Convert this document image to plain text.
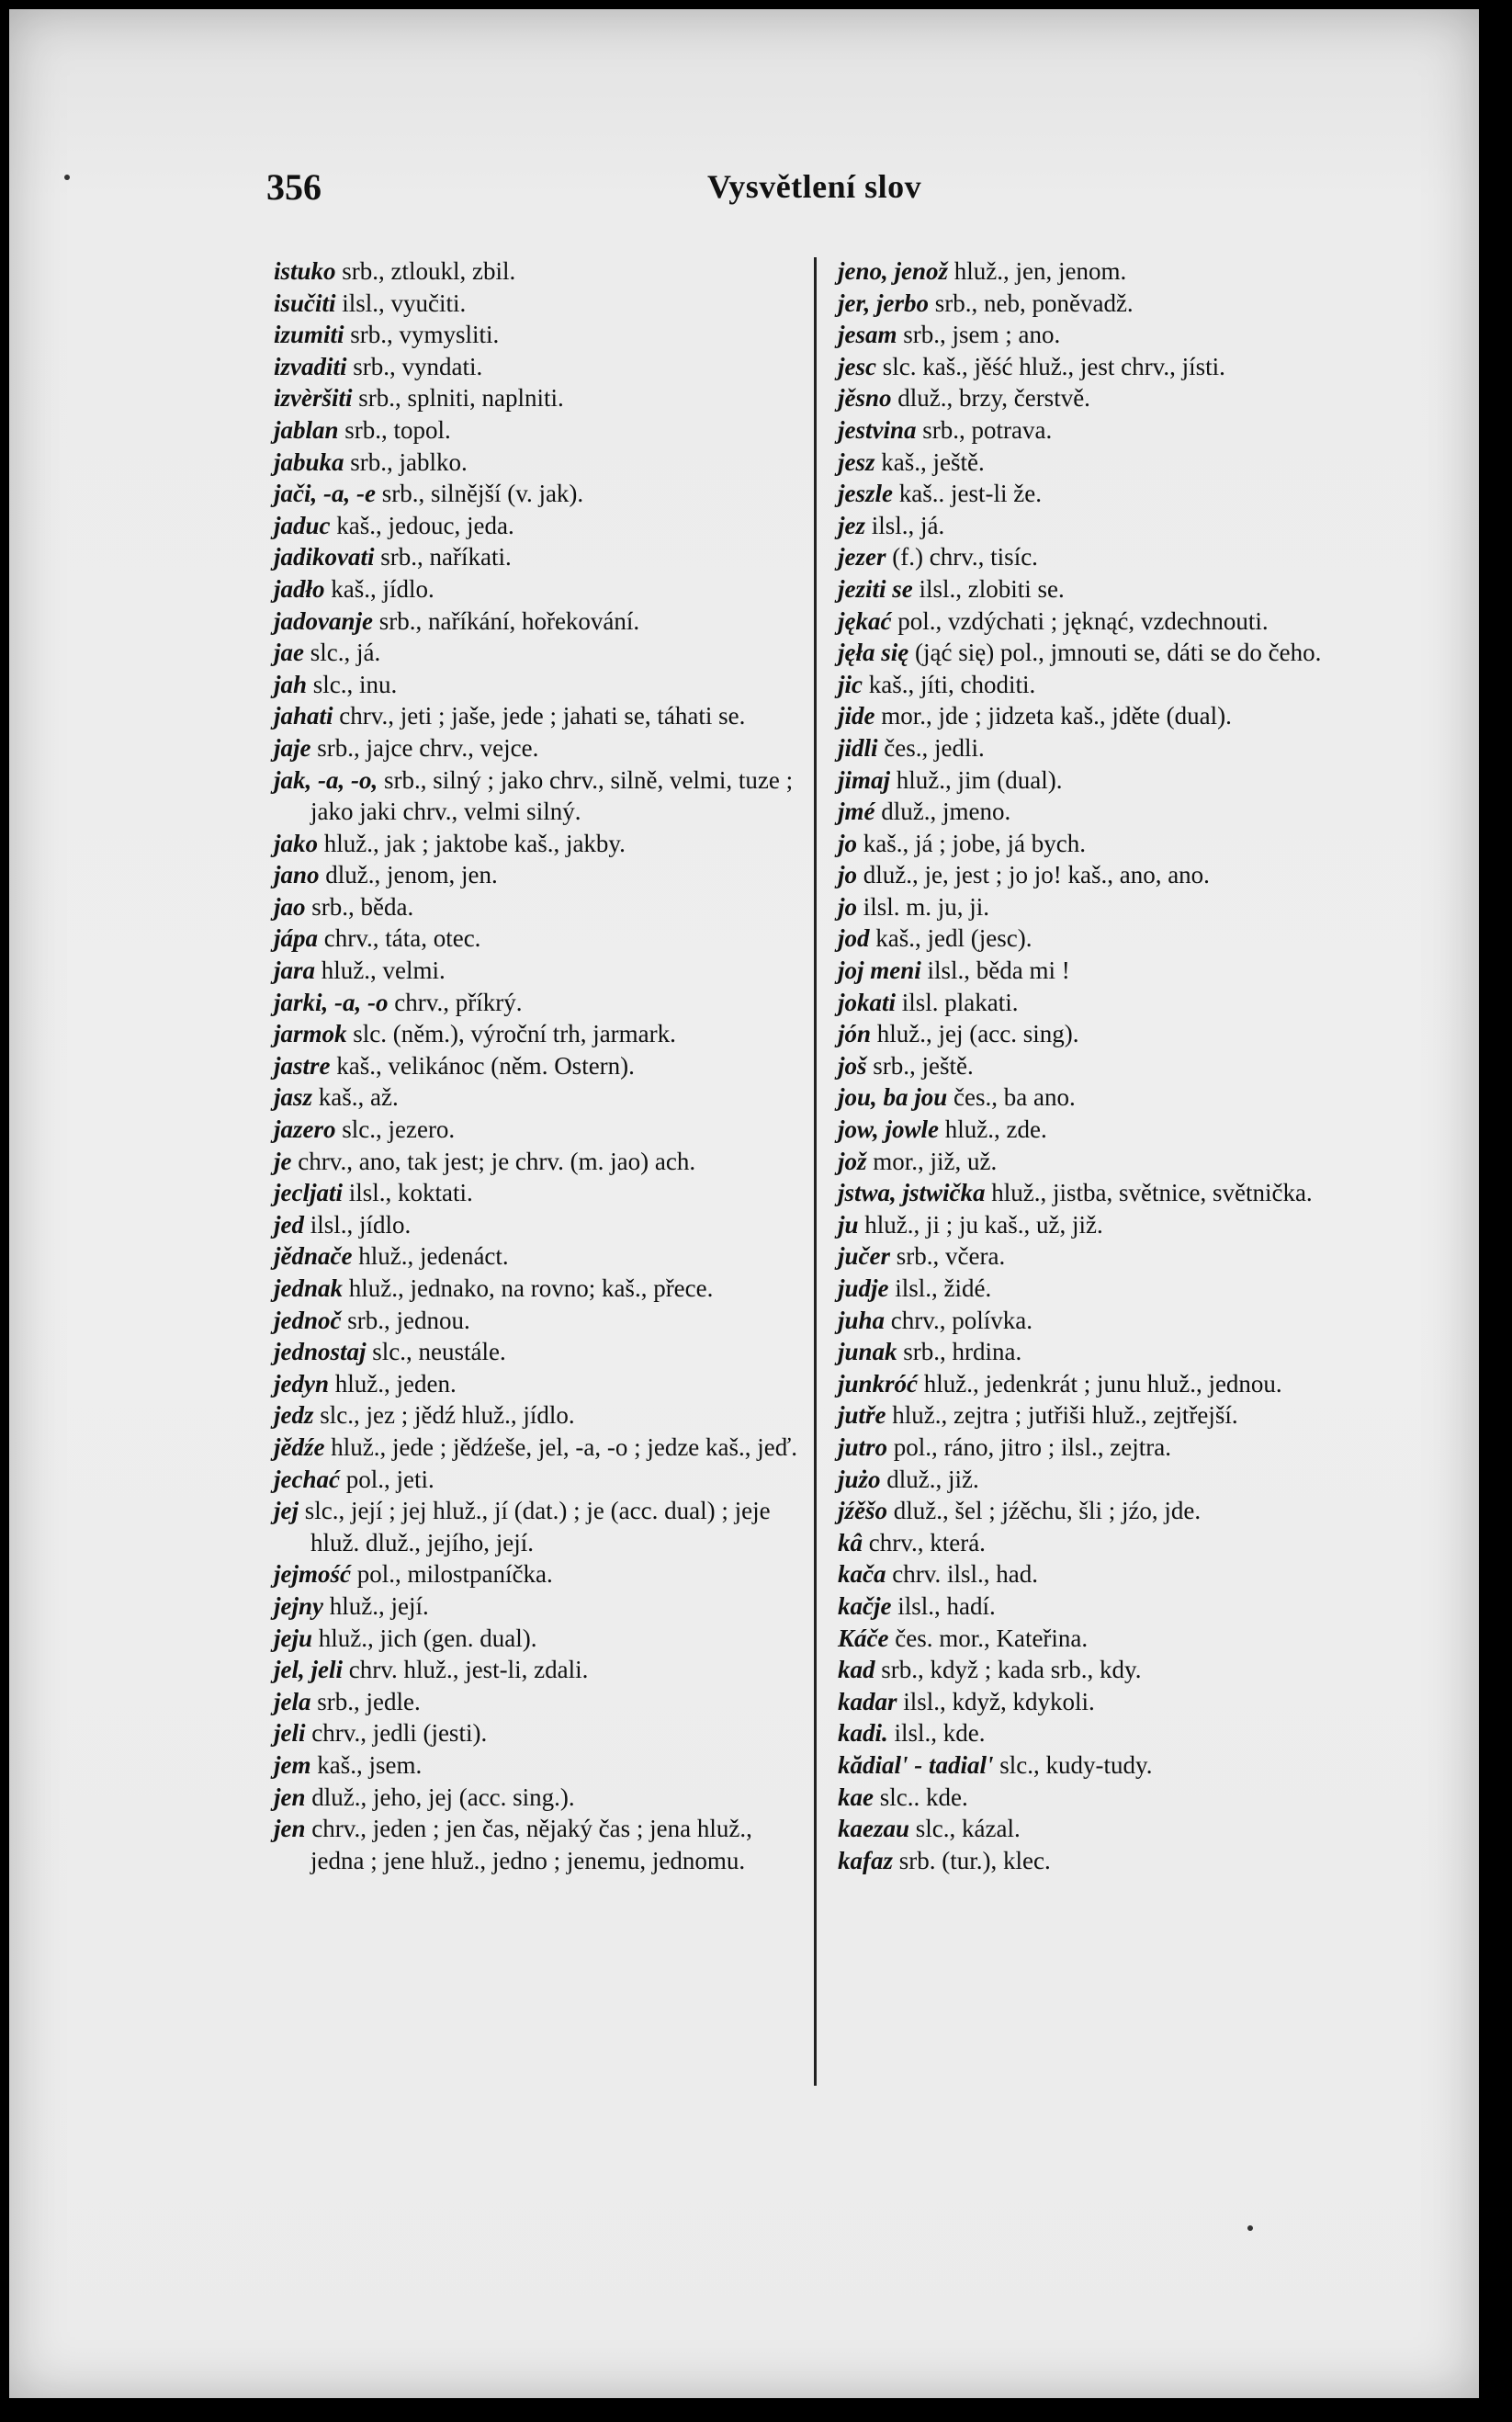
356	Vysvětlení slov
istuko srb., ztloukl, zbil.
isučiti ilsl., vyučiti.
izumiti srb., vymysliti.
izvaditi srb., vyndati.
izvèršiti srb., splniti, naplniti.
jablan srb., topol.
jabuka srb., jablko.
jači, -a, -e srb., silnější (v. jak).
jaduc kaš., jedouc, jeda.
jadikovati srb., naříkati.
jadło kaš., jídlo.
jadovanje srb., naříkání, hořekování.
jae slc., já.
jah slc., inu.
jahati chrv., jeti ; jaše, jede ; jahati se, táhati se.
jaje srb., jajce chrv., vejce.
jak, -a, -o, srb., silný ; jako chrv., silně, velmi, tuze ; jako jaki chrv., velmi silný.
jako hluž., jak ; jaktobe kaš., jakby.
jano dluž., jenom, jen.
jao srb., běda.
jápa chrv., táta, otec.
jara hluž., velmi.
jarki, -a, -o chrv., příkrý.
jarmok slc. (něm.), výroční trh, jarmark.
jastre kaš., velikánoc (něm. Ostern).
jasz kaš., až.
jazero slc., jezero.
je chrv., ano, tak jest; je chrv. (m. jao) ach.
jecljati ilsl., koktati.
jed ilsl., jídlo.
jědnače hluž., jedenáct.
jednak hluž., jednako, na rovno; kaš., přece.
jednoč srb., jednou.
jednostaj slc., neustále.
jedyn hluž., jeden.
jedz slc., jez ; jědź hluž., jídlo.
jědźe hluž., jede ; jědźeše, jel, -a, -o ; jedze kaš., jeď.
jechać pol., jeti.
jej slc., její ; jej hluž., jí (dat.) ; je (acc. dual) ; jeje hluž. dluž., jejího, její.
jejmość pol., milostpaníčka.
jejny hluž., její.
jeju hluž., jich (gen. dual).
jel, jeli chrv. hluž., jest-li, zdali.
jela srb., jedle.
jeli chrv., jedli (jesti).
jem kaš., jsem.
jen dluž., jeho, jej (acc. sing.).
jen chrv., jeden ; jen čas, nějaký čas ; jena hluž., jedna ; jene hluž., jedno ; jenemu, jednomu.
jeno, jenož hluž., jen, jenom.
jer, jerbo srb., neb, poněvadž.
jesam srb., jsem ; ano.
jesc slc. kaš., jěść hluž., jest chrv., jísti.
jěsno dluž., brzy, čerstvě.
jestvina srb., potrava.
jesz kaš., ještě.
jeszle kaš.. jest-li že.
jez ilsl., já.
jezer (f.) chrv., tisíc.
jeziti se ilsl., zlobiti se.
jękać pol., vzdýchati ; jęknąć, vzdechnouti.
jęła się (jąć się) pol., jmnouti se, dáti se do čeho.
jic kaš., jíti, choditi.
jide mor., jde ; jidzeta kaš., jděte (dual).
jidli čes., jedli.
jimaj hluž., jim (dual).
jmé dluž., jmeno.
jo kaš., já ; jobe, já bych.
jo dluž., je, jest ; jo jo! kaš., ano, ano.
jo ilsl. m. ju, ji.
jod kaš., jedl (jesc).
joj meni ilsl., běda mi !
jokati ilsl. plakati.
jón hluž., jej (acc. sing).
još srb., ještě.
jou, ba jou čes., ba ano.
jow, jowle hluž., zde.
jož mor., již, už.
jstwa, jstwička hluž., jistba, světnice, světnička.
ju hluž., ji ; ju kaš., už, již.
jučer srb., včera.
judje ilsl., židé.
juha chrv., polívka.
junak srb., hrdina.
junkróć hluž., jedenkrát ; junu hluž., jednou.
jutře hluž., zejtra ; jutřiši hluž., zejtřejší.
jutro pol., ráno, jitro ; ilsl., zejtra.
jużo dluž., již.
jźěšo dluž., šel ; jźěchu, šli ; jźo, jde.
kâ chrv., která.
kača chrv. ilsl., had.
kačje ilsl., hadí.
Káče čes. mor., Kateřina.
kad srb., když ; kada srb., kdy.
kadar ilsl., když, kdykoli.
kadi. ilsl., kde.
kădial' - tadial' slc., kudy-tudy.
kae slc.. kde.
kaezau slc., kázal.
kafaz srb. (tur.), klec.
